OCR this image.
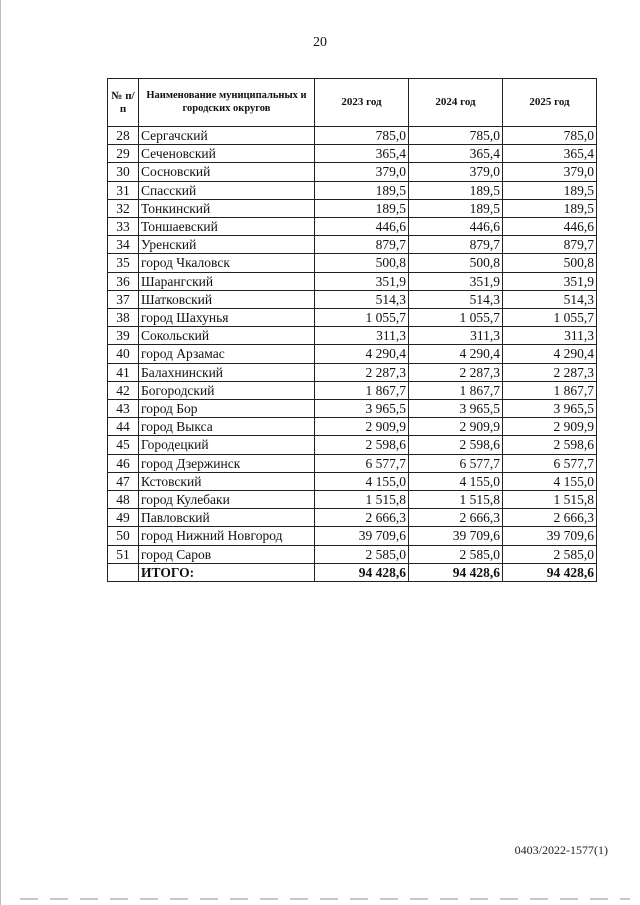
20
№ п/п	Наименование муниципальных и городских округов	2023 год	2024 год	2025 год
28	Сергачский	785,0	785,0	785,0
29	Сеченовский	365,4	365,4	365,4
30	Сосновский	379,0	379,0	379,0
31	Спасский	189,5	189,5	189,5
32	Тонкинский	189,5	189,5	189,5
33	Тоншаевский	446,6	446,6	446,6
34	Уренский	879,7	879,7	879,7
35	город Чкаловск	500,8	500,8	500,8
36	Шарангский	351,9	351,9	351,9
37	Шатковский	514,3	514,3	514,3
38	город Шахунья	1 055,7	1 055,7	1 055,7
39	Сокольский	311,3	311,3	311,3
40	город Арзамас	4 290,4	4 290,4	4 290,4
41	Балахнинский	2 287,3	2 287,3	2 287,3
42	Богородский	1 867,7	1 867,7	1 867,7
43	город Бор	3 965,5	3 965,5	3 965,5
44	город Выкса	2 909,9	2 909,9	2 909,9
45	Городецкий	2 598,6	2 598,6	2 598,6
46	город Дзержинск	6 577,7	6 577,7	6 577,7
47	Кстовский	4 155,0	4 155,0	4 155,0
48	город Кулебаки	1 515,8	1 515,8	1 515,8
49	Павловский	2 666,3	2 666,3	2 666,3
50	город Нижний Новгород	39 709,6	39 709,6	39 709,6
51	город Саров	2 585,0	2 585,0	2 585,0
	ИТОГО:	94 428,6	94 428,6	94 428,6
0403/2022-1577(1)
